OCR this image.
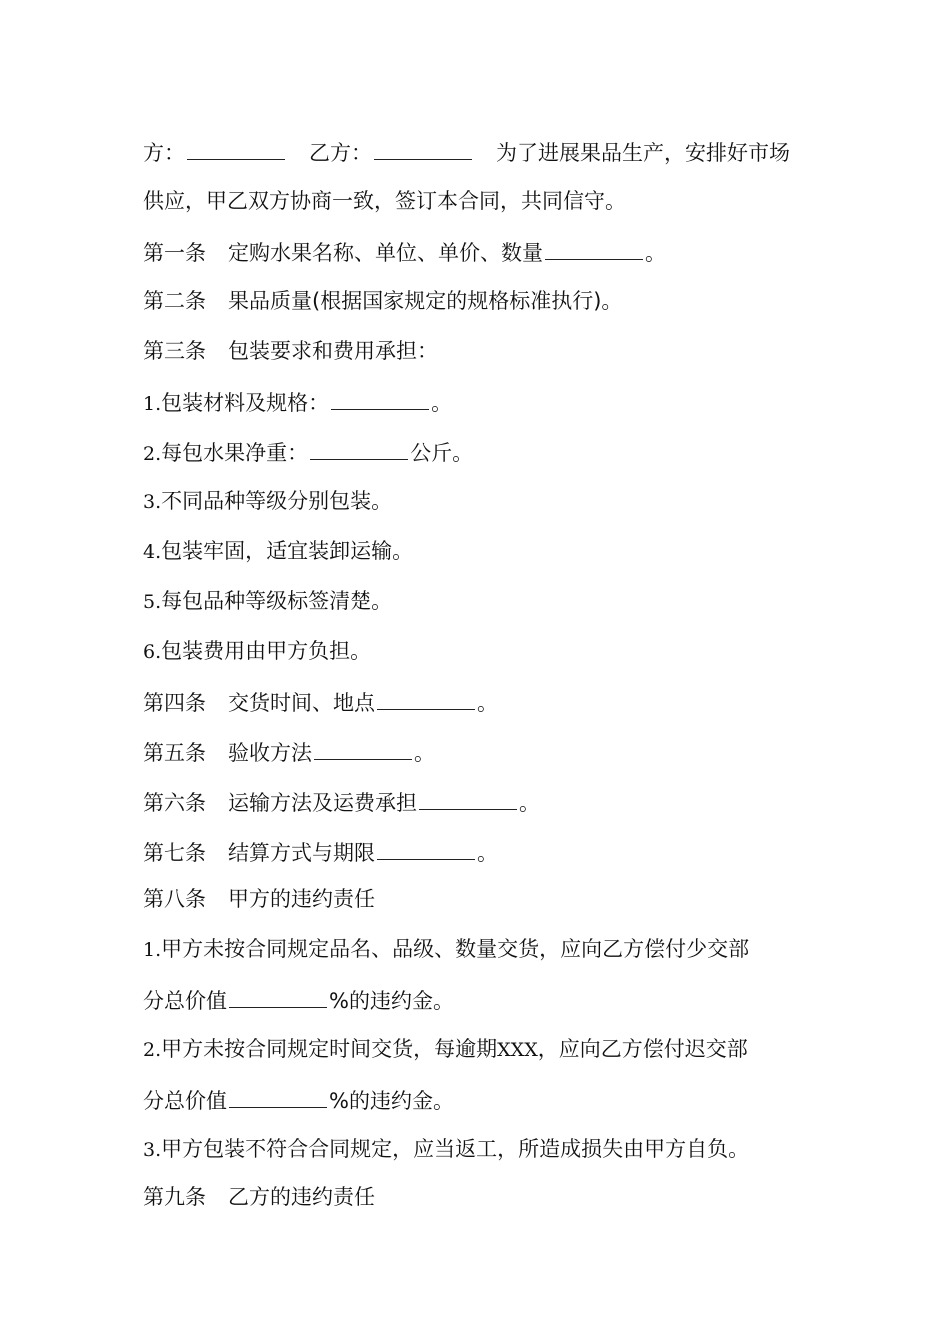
方：	乙方：	为了进展果品生产，安排好市场
供应，甲乙双方协商一致，签订本合同，共同信守。
第一条 定购水果名称、单位、单价、数量	。
第二条 果品质量(根据国家规定的规格标准执行)。
第三条 包装要求和费用承担：
1.包装材料及规格：	。
2.每包水果净重：	公斤。
3.不同品种等级分别包装。
4.包装牢固，适宜装卸运输。
5.每包品种等级标签清楚。
6.包装费用由甲方负担。
第四条 交货时间、地点	。
第五条 验收方法	。
第六条 运输方法及运费承担	。
第七条 结算方式与期限	。
第八条 甲方的违约责任
1.甲方未按合同规定品名、品级、数量交货，应向乙方偿付少交部
分总价值	%的违约金。
2.甲方未按合同规定时间交货，每逾期XXX，应向乙方偿付迟交部
分总价值	%的违约金。
3.甲方包装不符合合同规定，应当返工，所造成损失由甲方自负。
第九条 乙方的违约责任
